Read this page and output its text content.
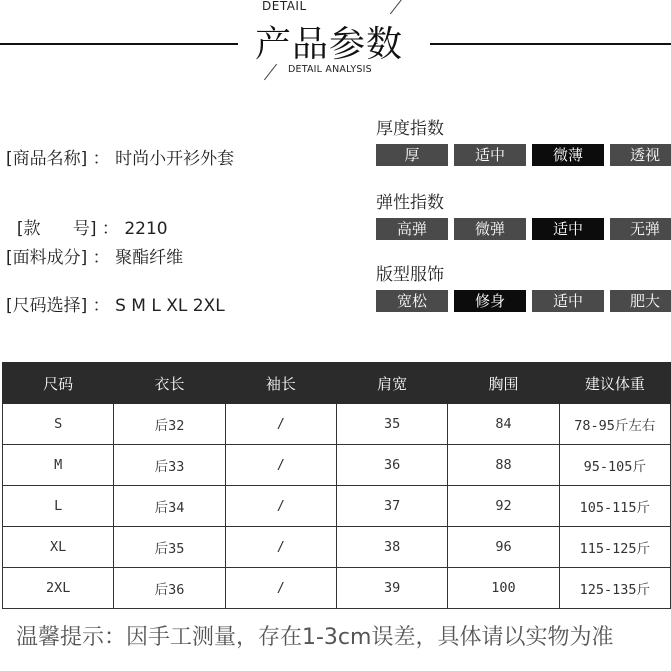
DETAIL
产品参数
DETAIL ANALYSIS
[商品名称] ： 时尚小开衫外套

[款      号] ： 2210

[面料成分] ： 聚酯纤维
[尺码选择] ： S M L XL 2XL
厚度指数
厚	适中	微薄	透视
弹性指数
高弹	微弹	适中	无弹
版型服饰
宽松	修身	适中	肥大
尺码	衣长	袖长	肩宽	胸围	建议体重
S	后32	/	35	84	78-95斤左右
M	后33	/	36	88	95-105斤
L	后34	/	37	92	105-115斤
XL	后35	/	38	96	115-125斤
2XL	后36	/	39	100	125-135斤
温馨提示：因手工测量，存在1-3cm误差，具体请以实物为准
